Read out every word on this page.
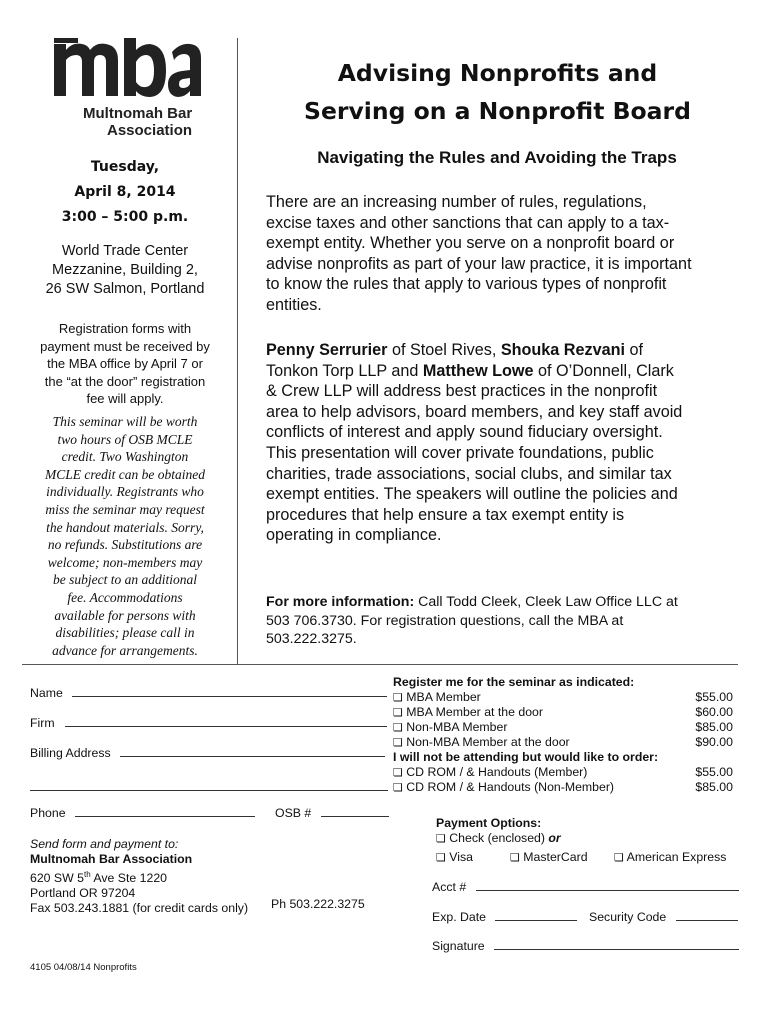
Multnomah Bar
Association
Tuesday,
April 8, 2014
3:00 – 5:00 p.m.
World Trade Center
Mezzanine, Building 2,
26 SW Salmon, Portland
Registration forms with
payment must be received by
the MBA office by April 7 or
the “at the door” registration
fee will apply.
This seminar will be worth
two hours of OSB MCLE
credit. Two Washington
MCLE credit can be obtained
individually. Registrants who
miss the seminar may request
the handout materials. Sorry,
no refunds. Substitutions are
welcome; non-members may
be subject to an additional
fee. Accommodations
available for persons with
disabilities; please call in
advance for arrangements.
Advising Nonprofits and
Serving on a Nonprofit Board
Navigating the Rules and Avoiding the Traps
There are an increasing number of rules, regulations,
excise taxes and other sanctions that can apply to a tax-
exempt entity. Whether you serve on a nonprofit board or
advise nonprofits as part of your law practice, it is important
to know the rules that apply to various types of nonprofit
entities.
Penny Serrurier of Stoel Rives, Shouka Rezvani of
Tonkon Torp LLP and Matthew Lowe of O’Donnell, Clark
& Crew LLP will address best practices in the nonprofit
area to help advisors, board members, and key staff avoid
conflicts of interest and apply sound fiduciary oversight.
This presentation will cover private foundations, public
charities, trade associations, social clubs, and similar tax
exempt entities. The speakers will outline the policies and
procedures that help ensure a tax exempt entity is
operating in compliance.
For more information: Call Todd Cleek, Cleek Law Office LLC at
503 706.3730. For registration questions, call the MBA at
503.222.3275.
Name
Firm
Billing Address
Phone	OSB #
Send form and payment to:
Multnomah Bar Association
620 SW 5th Ave Ste 1220
Portland OR 97204
Fax 503.243.1881 (for credit cards only) Ph 503.222.3275
4105 04/08/14 Nonprofits
Register me for the seminar as indicated:
❏ MBA Member	$55.00
❏ MBA Member at the door	$60.00
❏ Non-MBA Member	$85.00
❏ Non-MBA Member at the door	$90.00
I will not be attending but would like to order:
❏ CD ROM / & Handouts (Member)	$55.00
❏ CD ROM / & Handouts (Non-Member)	$85.00
Payment Options:
❏ Check (enclosed) or
❏ Visa	❏ MasterCard ❏ American Express
Acct #
Exp. Date	Security Code
Signature
